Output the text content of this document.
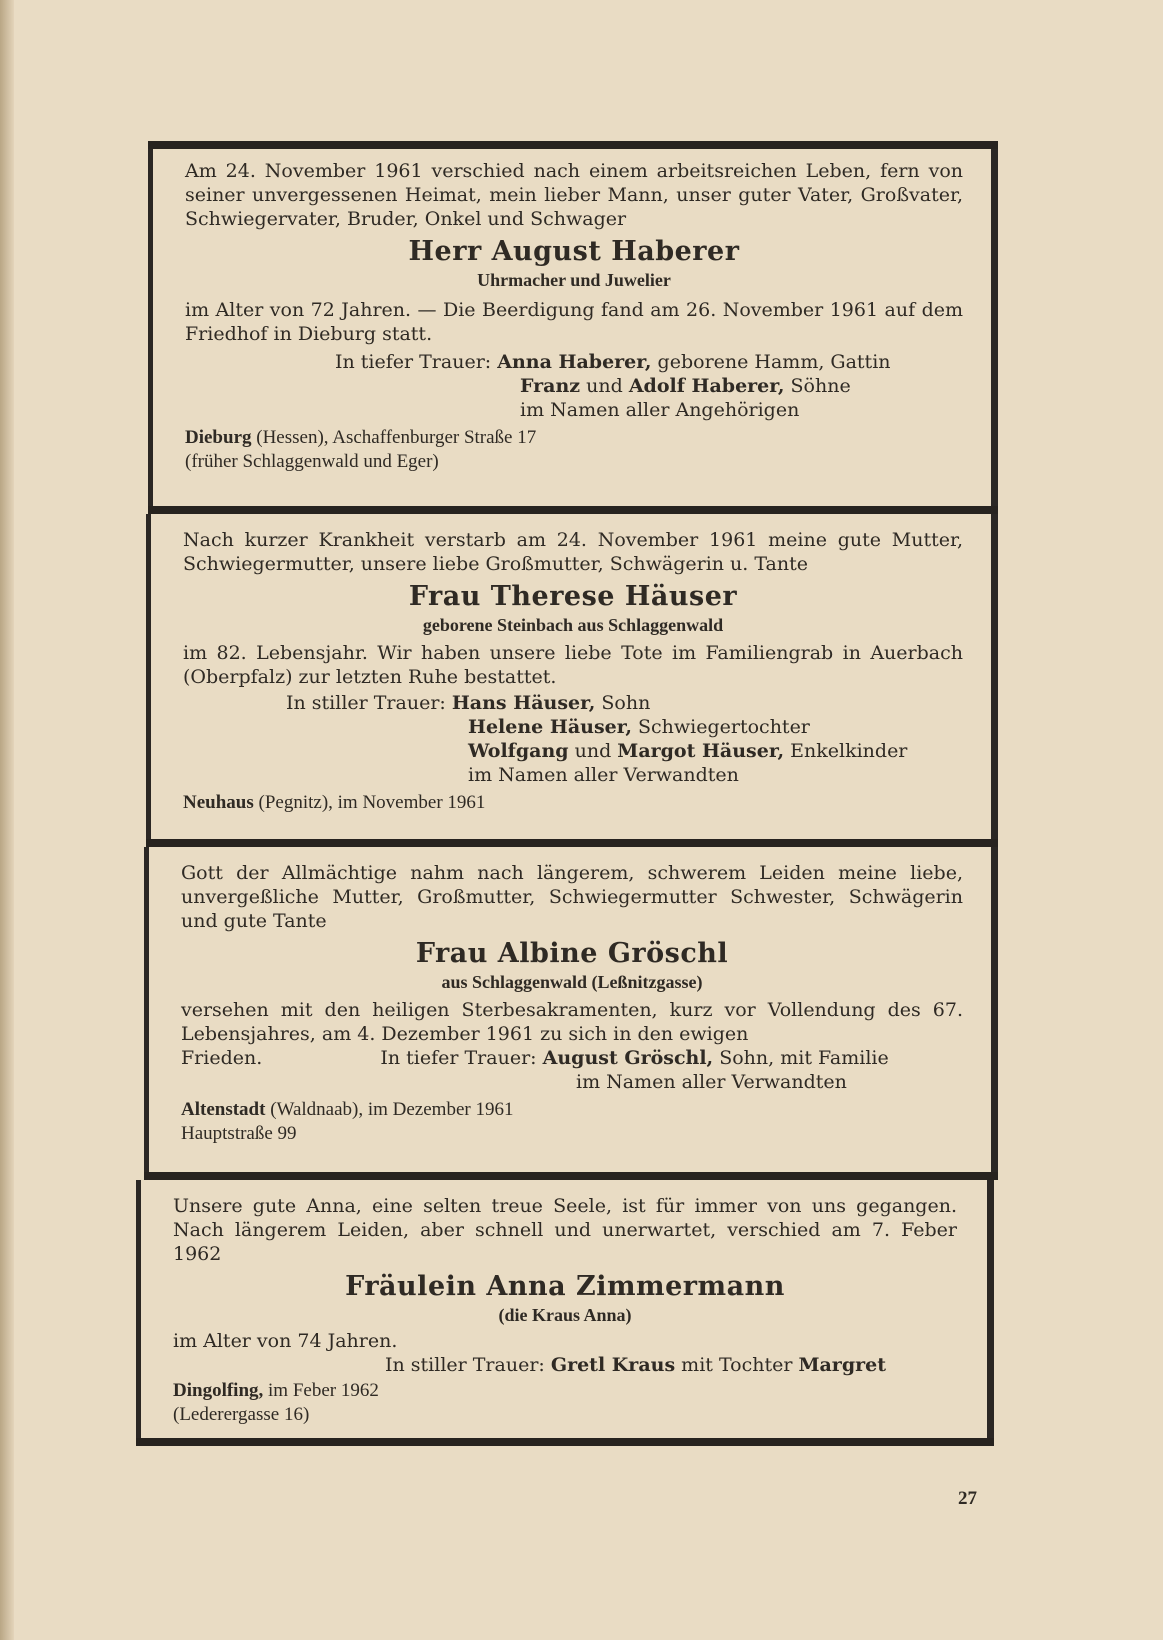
Am 24. November 1961 verschied nach einem arbeitsreichen Leben, fern von seiner unvergessenen Heimat, mein lieber Mann, unser guter Vater, Großvater, Schwiegervater, Bruder, Onkel und Schwager

Herr August Haberer
Uhrmacher und Juwelier

im Alter von 72 Jahren. — Die Beerdigung fand am 26. November 1961 auf dem Friedhof in Dieburg statt.

In tiefer Trauer: Anna Haberer, geborene Hamm, Gattin
Franz und Adolf Haberer, Söhne
im Namen aller Angehörigen
Dieburg (Hessen), Aschaffenburger Straße 17
(früher Schlaggenwald und Eger)

Nach kurzer Krankheit verstarb am 24. November 1961 meine gute Mutter, Schwiegermutter, unsere liebe Großmutter, Schwägerin u. Tante

Frau Therese Häuser
geborene Steinbach aus Schlaggenwald

im 82. Lebensjahr. Wir haben unsere liebe Tote im Familiengrab in Auerbach (Oberpfalz) zur letzten Ruhe bestattet.

In stiller Trauer: Hans Häuser, Sohn
Helene Häuser, Schwiegertochter
Wolfgang und Margot Häuser, Enkelkinder
im Namen aller Verwandten
Neuhaus (Pegnitz), im November 1961

Gott der Allmächtige nahm nach längerem, schwerem Leiden meine liebe, unvergeßliche Mutter, Großmutter, Schwiegermutter Schwester, Schwägerin und gute Tante

Frau Albine Gröschl
aus Schlaggenwald (Leßnitzgasse)

versehen mit den heiligen Sterbesakramenten, kurz vor Vollendung des 67. Lebensjahres, am 4. Dezember 1961 zu sich in den ewigen

Frieden.	In tiefer Trauer: August Gröschl, Sohn, mit Familie
im Namen aller Verwandten
Altenstadt (Waldnaab), im Dezember 1961
Hauptstraße 99

Unsere gute Anna, eine selten treue Seele, ist für immer von uns gegangen. Nach längerem Leiden, aber schnell und unerwartet, verschied am 7. Feber 1962

Fräulein Anna Zimmermann
(die Kraus Anna)

im Alter von 74 Jahren.

In stiller Trauer: Gretl Kraus mit Tochter Margret
Dingolfing, im Feber 1962
(Lederergasse 16)
27
